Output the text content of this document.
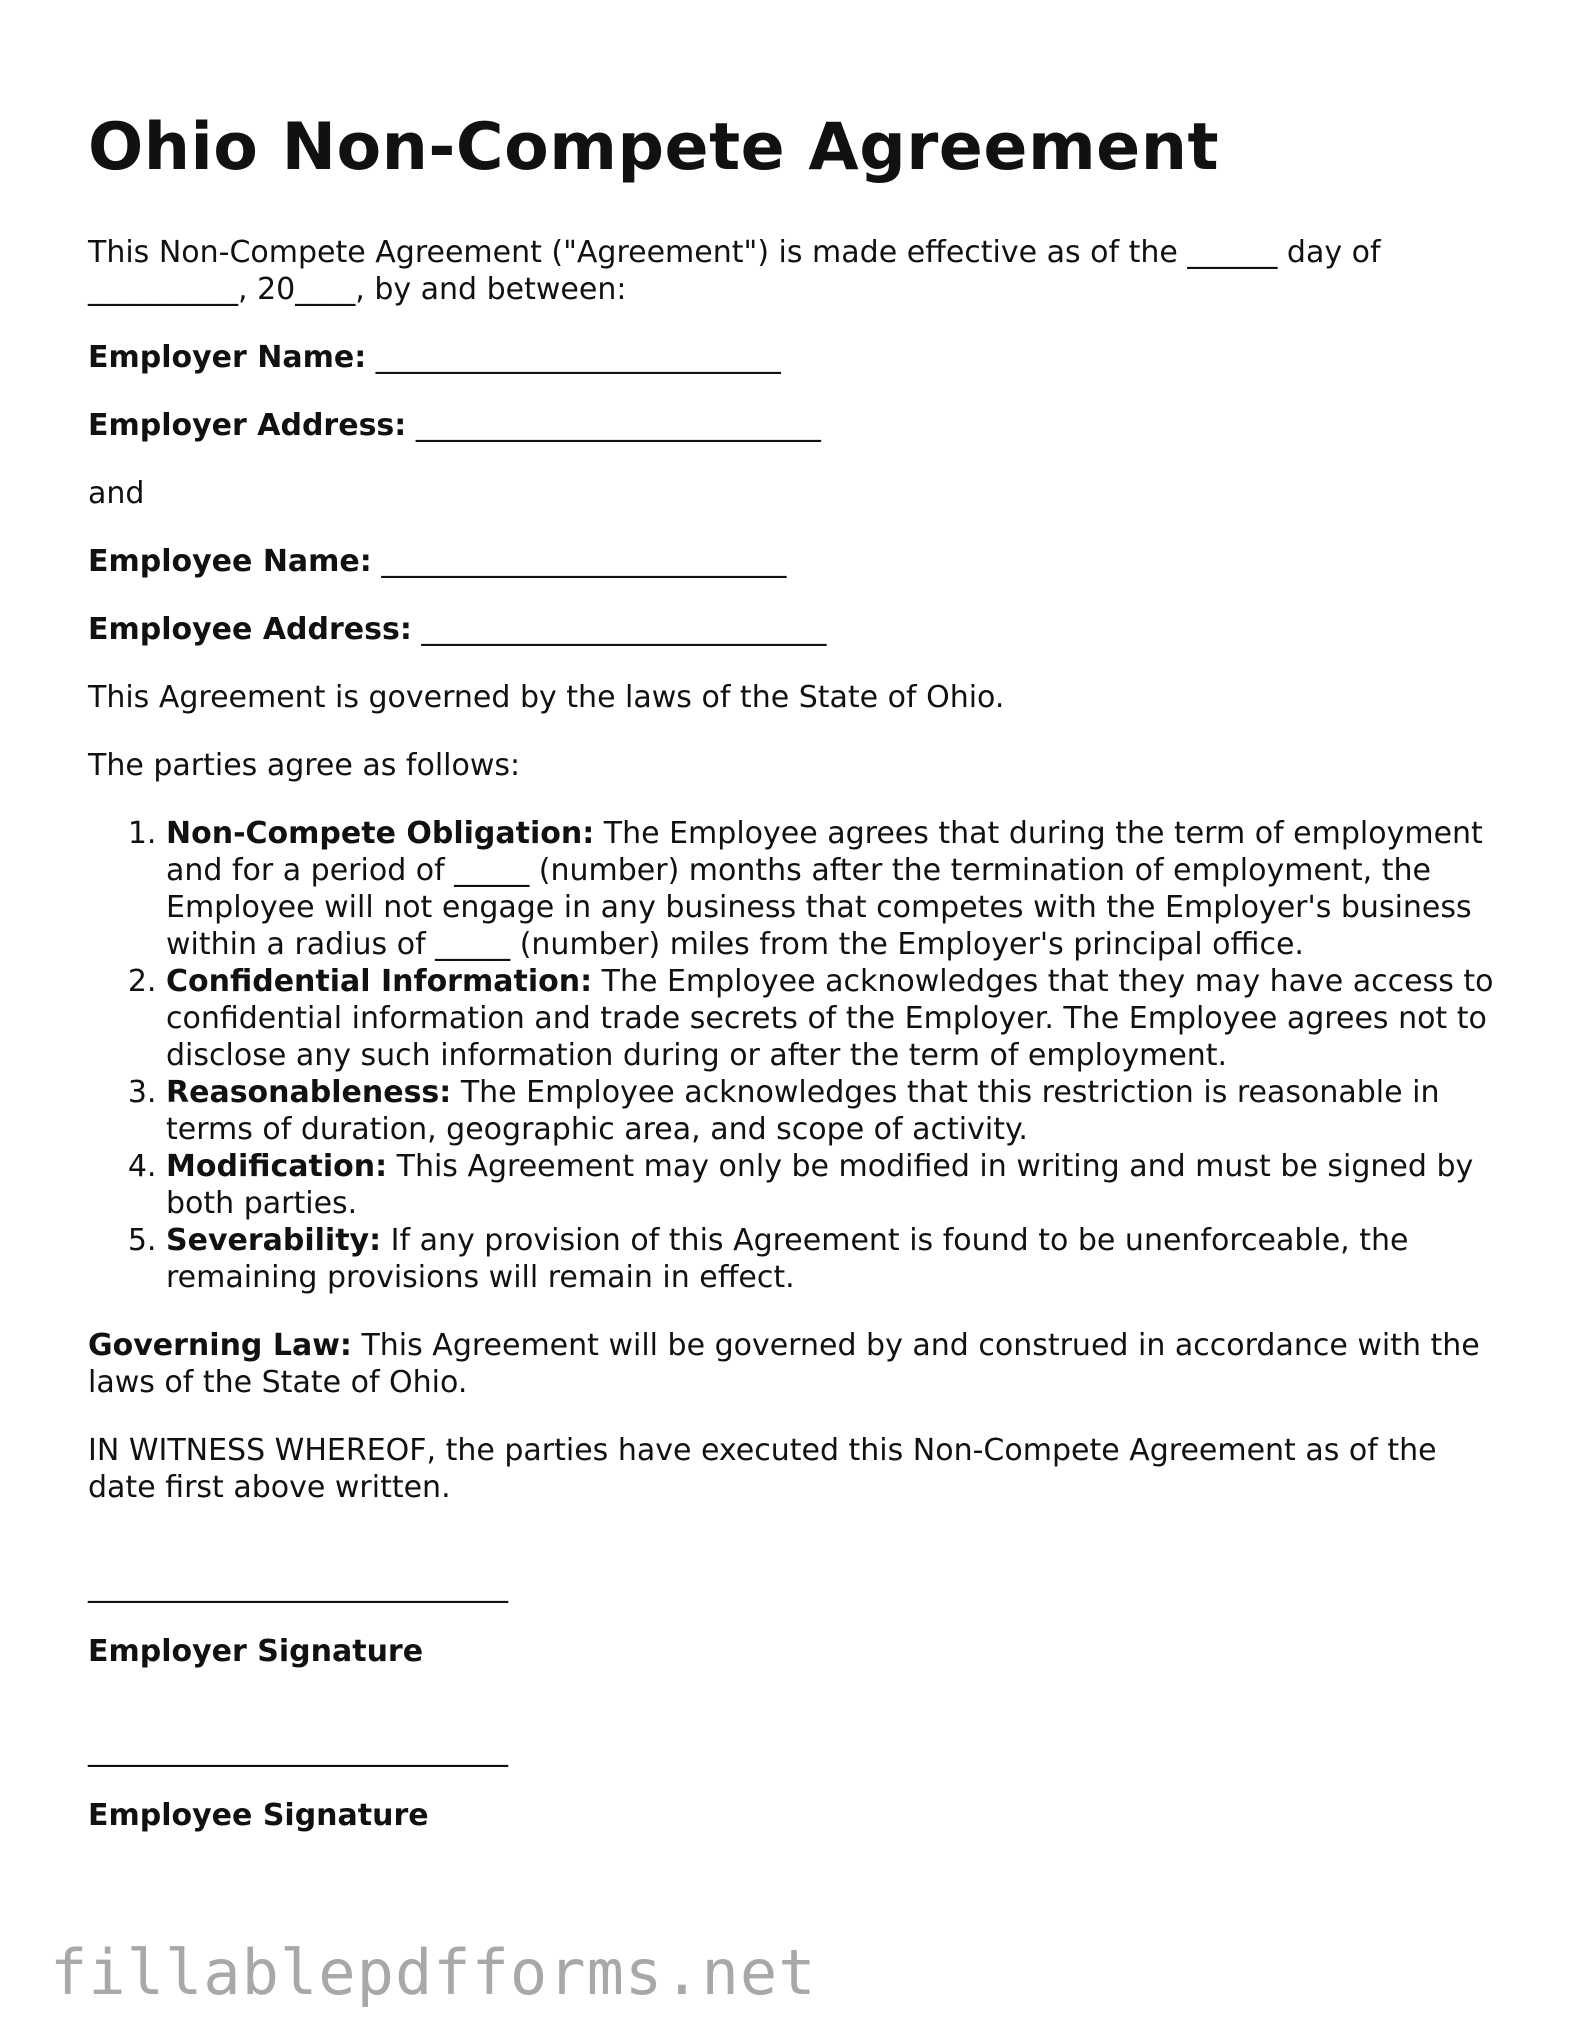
Ohio Non-Compete Agreement

This Non-Compete Agreement ("Agreement") is made effective as of the ______ day of __________, 20____, by and between:

Employer Name: ___________________________

Employer Address: ___________________________

and

Employee Name: ___________________________

Employee Address: ___________________________

This Agreement is governed by the laws of the State of Ohio.

The parties agree as follows:

1. Non-Compete Obligation: The Employee agrees that during the term of employment and for a period of _____ (number) months after the termination of employment, the Employee will not engage in any business that competes with the Employer's business within a radius of _____ (number) miles from the Employer's principal office.
2. Confidential Information: The Employee acknowledges that they may have access to confidential information and trade secrets of the Employer. The Employee agrees not to disclose any such information during or after the term of employment.
3. Reasonableness: The Employee acknowledges that this restriction is reasonable in terms of duration, geographic area, and scope of activity.
4. Modification: This Agreement may only be modified in writing and must be signed by both parties.
5. Severability: If any provision of this Agreement is found to be unenforceable, the remaining provisions will remain in effect.

Governing Law: This Agreement will be governed by and construed in accordance with the laws of the State of Ohio.

IN WITNESS WHEREOF, the parties have executed this Non-Compete Agreement as of the date first above written.

____________________________

Employer Signature

____________________________

Employee Signature

fillablepdfforms.net
